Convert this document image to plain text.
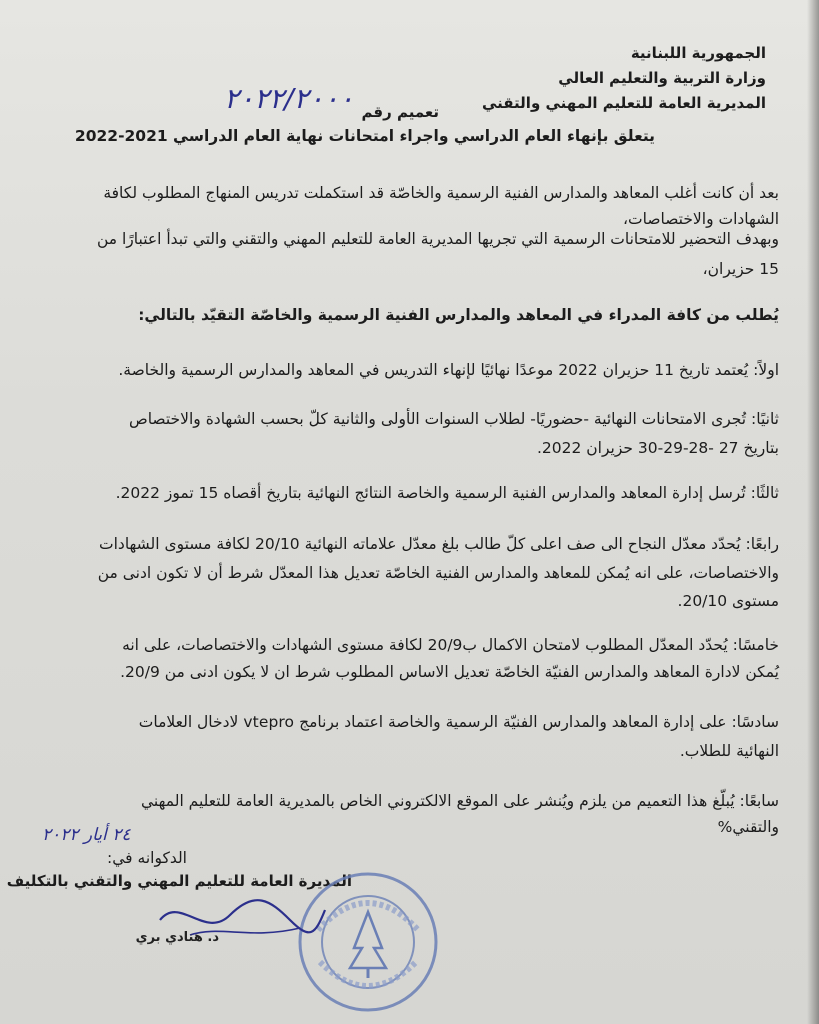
الجمهورية اللبنانية
وزارة التربية والتعليم العالي
المديرية العامة للتعليم المهني والتقني
تعميم رقم
٢٠٢٢/٢٠٠٠
يتعلق بإنهاء العام الدراسي واجراء امتحانات نهاية العام الدراسي 2021-2022
بعد أن كانت أغلب المعاهد والمدارس الفنية الرسمية والخاصّة قد استكملت تدريس المنهاج المطلوب لكافة
الشهادات والاختصاصات،
وبهدف التحضير للامتحانات الرسمية التي تجريها المديرية العامة للتعليم المهني والتقني والتي تبدأ اعتبارًا من
15 حزيران،
يُطلب من كافة المدراء في المعاهد والمدارس الفنية الرسمية والخاصّة التقيّد بالتالي:
اولاً: يُعتمد تاريخ 11 حزيران 2022 موعدًا نهائيًا لإنهاء التدريس في المعاهد والمدارس الرسمية والخاصة.
ثانيًا: تُجرى الامتحانات النهائية -حضوريًا- لطلاب السنوات الأولى والثانية كلّ بحسب الشهادة والاختصاص
بتاريخ 27 -28-29-30 حزيران 2022.
ثالثًا: تُرسل إدارة المعاهد والمدارس الفنية الرسمية والخاصة النتائج النهائية بتاريخ أقصاه 15 تموز 2022.
رابعًا: يُحدّد معدّل النجاح الى صف اعلى كلّ طالب بلغ معدّل علاماته النهائية 20/10 لكافة مستوى الشهادات
والاختصاصات، على انه يُمكن للمعاهد والمدارس الفنية الخاصّة تعديل هذا المعدّل شرط أن لا تكون ادنى من
مستوى 20/10.
خامسًا: يُحدّد المعدّل المطلوب لامتحان الاكمال ب20/9 لكافة مستوى الشهادات والاختصاصات، على انه
يُمكن لادارة المعاهد والمدارس الفنيّة الخاصّة تعديل الاساس المطلوب شرط ان لا يكون ادنى من 20/9.
سادسًا: على إدارة المعاهد والمدارس الفنيّة الرسمية والخاصة اعتماد برنامج vtepro لادخال العلامات
النهائية للطلاب.
سابعًا: يُبلّغ هذا التعميم من يلزم ويُنشر على الموقع الالكتروني الخاص بالمديرية العامة للتعليم المهني
والتقني%
٢٤ أيار ٢٠٢٢
الدكوانه في:
المديرة العامة للتعليم المهني والتقني بالتكليف
د. هنادي بري
